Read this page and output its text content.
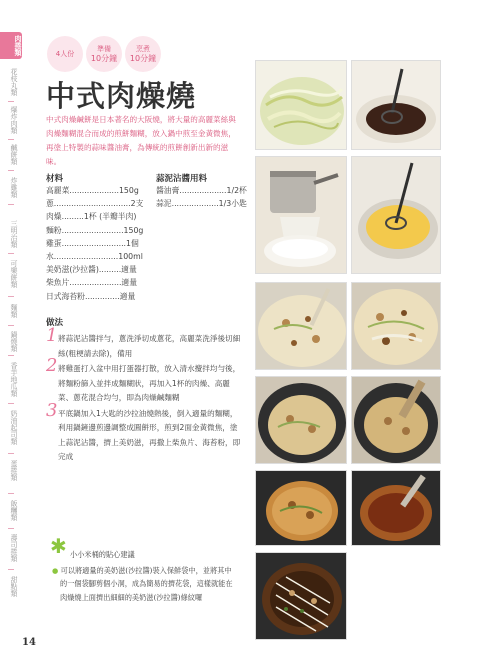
肉捲類
花枝丸類
爆炸肉類
鹹餅類
炸雞類
三明治類
可樂餅類
麵類
鍋燒類
香芋地瓜類
奶油起司類
蛋捲類
飯糰類
壽司捲類
甜點類
4人份
準備
10分鐘
烹煮
10分鐘
中式肉燥燒
中式肉燥鹹餅是日本著名的大阪燒，將大量的高麗菜絲與肉燥麵糊混合而成的煎餅麵糊，放入鍋中煎至金黃微焦，再塗上特製的蒜味醬油膏，為傳統的煎餅創新出新的滋味。
材料
高麗菜....................150g
蔥...............................2支
肉燥.........1杯 (半瓣半肉)
麵粉.........................150g
雞蛋..........................1個
水..........................100ml
美奶滋(沙拉醬).........適量
柴魚片.....................適量
日式海苔粉..............適量
蒜泥沾醬用料
醬油膏...................1/2杯
蒜泥...................1/3小匙
做法
1 將蒜泥沾醬拌勻，蔥洗淨切成蔥花，高麗菜洗淨後切細絲(粗梗請去除)，備用
2 將雞蛋打入盆中用打蛋器打散，放入清水攪拌均勻後，將麵粉篩入並拌成麵糊狀，再加入1杯的肉燥、高麗菜、蔥花混合均勻，即為肉燥鹹麵糊
3 平底鍋加入1大匙的沙拉油燒熱後，倒入適量的麵糊，利用鍋鏟邊煎邊調整成圓餅形，煎到2面金黃微焦，塗上蒜泥沾醬，擠上美奶滋，再撒上柴魚片、海苔粉，即完成
✱ 小小米桶的貼心建議
● 可以將適量的美奶滋(沙拉醬)裝入保鮮袋中，並將其中的一個袋腳剪個小洞，成為簡易的擠花袋，這樣就能在肉燥燒上面擠出細細的美奶滋(沙拉醬)條紋囉
14
